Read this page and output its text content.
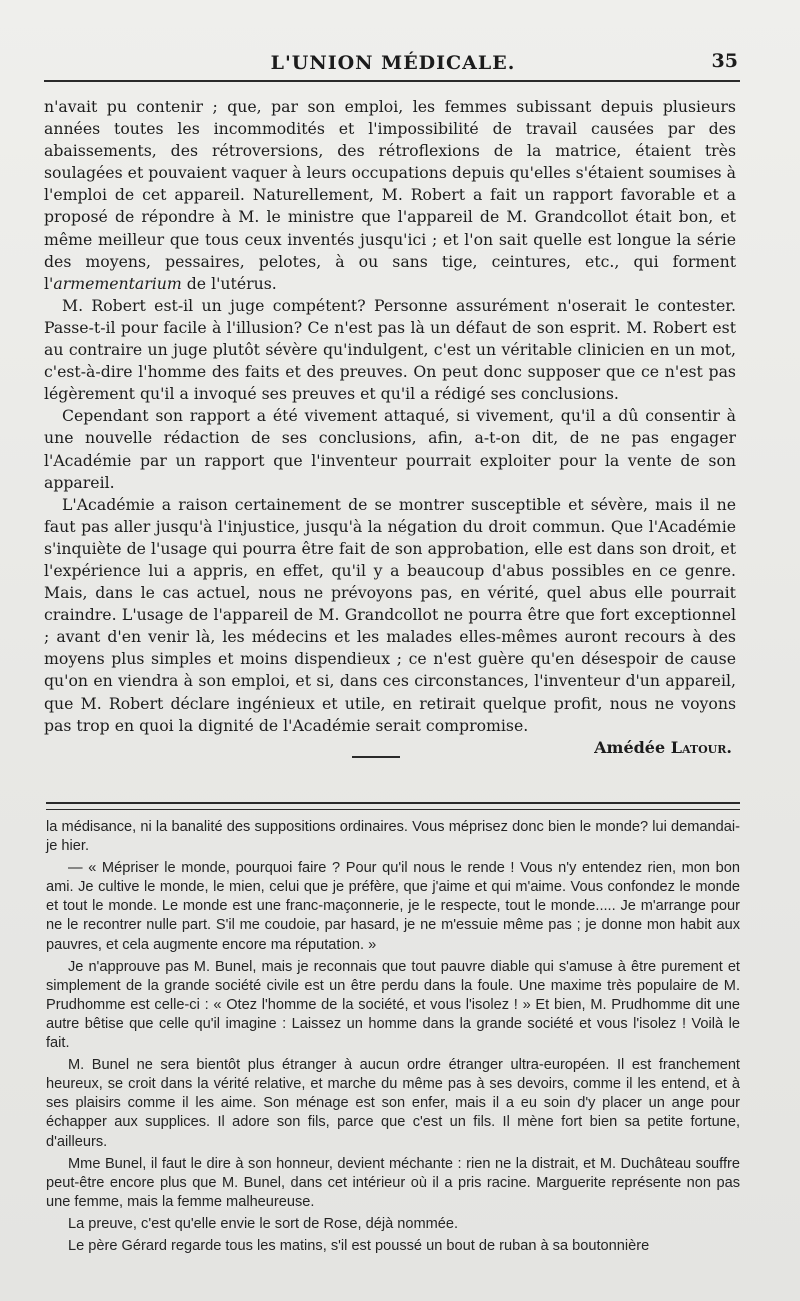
L'UNION MÉDICALE.	35

n'avait pu contenir ; que, par son emploi, les femmes subissant depuis plusieurs années toutes les incommodités et l'impossibilité de travail causées par des abaissements, des rétroversions, des rétroflexions de la matrice, étaient très soulagées et pouvaient vaquer à leurs occupations depuis qu'elles s'étaient soumises à l'emploi de cet appareil. Naturellement, M. Robert a fait un rapport favorable et a proposé de répondre à M. le ministre que l'appareil de M. Grandcollot était bon, et même meilleur que tous ceux inventés jusqu'ici ; et l'on sait quelle est longue la série des moyens, pessaires, pelotes, à ou sans tige, ceintures, etc., qui forment l'armementarium de l'utérus.

M. Robert est-il un juge compétent? Personne assurément n'oserait le contester. Passe-t-il pour facile à l'illusion? Ce n'est pas là un défaut de son esprit. M. Robert est au contraire un juge plutôt sévère qu'indulgent, c'est un véritable clinicien en un mot, c'est-à-dire l'homme des faits et des preuves. On peut donc supposer que ce n'est pas légèrement qu'il a invoqué ses preuves et qu'il a rédigé ses conclusions.

Cependant son rapport a été vivement attaqué, si vivement, qu'il a dû consentir à une nouvelle rédaction de ses conclusions, afin, a-t-on dit, de ne pas engager l'Académie par un rapport que l'inventeur pourrait exploiter pour la vente de son appareil.

L'Académie a raison certainement de se montrer susceptible et sévère, mais il ne faut pas aller jusqu'à l'injustice, jusqu'à la négation du droit commun. Que l'Académie s'inquiète de l'usage qui pourra être fait de son approbation, elle est dans son droit, et l'expérience lui a appris, en effet, qu'il y a beaucoup d'abus possibles en ce genre. Mais, dans le cas actuel, nous ne prévoyons pas, en vérité, quel abus elle pourrait craindre. L'usage de l'appareil de M. Grandcollot ne pourra être que fort exceptionnel ; avant d'en venir là, les médecins et les malades elles-mêmes auront recours à des moyens plus simples et moins dispendieux ; ce n'est guère qu'en désespoir de cause qu'on en viendra à son emploi, et si, dans ces circonstances, l'inventeur d'un appareil, que M. Robert déclare ingénieux et utile, en retirait quelque profit, nous ne voyons pas trop en quoi la dignité de l'Académie serait compromise.

Amédée Latour.

la médisance, ni la banalité des suppositions ordinaires. Vous méprisez donc bien le monde? lui demandai-je hier.

— « Mépriser le monde, pourquoi faire ? Pour qu'il nous le rende ! Vous n'y entendez rien, mon bon ami. Je cultive le monde, le mien, celui que je préfère, que j'aime et qui m'aime. Vous confondez le monde et tout le monde. Le monde est une franc-maçonnerie, je le respecte, tout le monde..... Je m'arrange pour ne le recontrer nulle part. S'il me coudoie, par hasard, je ne m'essuie même pas ; je donne mon habit aux pauvres, et cela augmente encore ma réputation. »

Je n'approuve pas M. Bunel, mais je reconnais que tout pauvre diable qui s'amuse à être purement et simplement de la grande société civile est un être perdu dans la foule. Une maxime très populaire de M. Prudhomme est celle-ci : « Otez l'homme de la société, et vous l'isolez ! » Et bien, M. Prudhomme dit une autre bêtise que celle qu'il imagine : Laissez un homme dans la grande société et vous l'isolez ! Voilà le fait.

M. Bunel ne sera bientôt plus étranger à aucun ordre étranger ultra-européen. Il est franchement heureux, se croit dans la vérité relative, et marche du même pas à ses devoirs, comme il les entend, et à ses plaisirs comme il les aime. Son ménage est son enfer, mais il a eu soin d'y placer un ange pour échapper aux supplices. Il adore son fils, parce que c'est un fils. Il mène fort bien sa petite fortune, d'ailleurs.

Mme Bunel, il faut le dire à son honneur, devient méchante : rien ne la distrait, et M. Duchâteau souffre peut-être encore plus que M. Bunel, dans cet intérieur où il a pris racine. Marguerite représente non pas une femme, mais la femme malheureuse.

La preuve, c'est qu'elle envie le sort de Rose, déjà nommée.

Le père Gérard regarde tous les matins, s'il est poussé un bout de ruban à sa boutonnière
